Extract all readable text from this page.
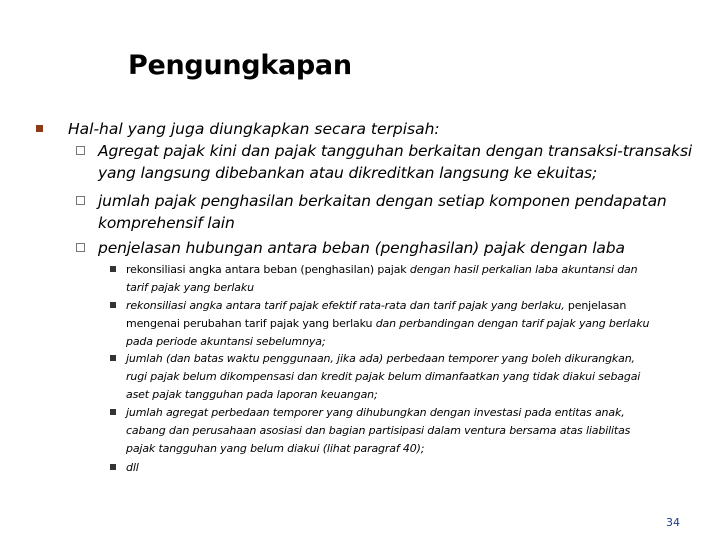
Pengungkapan
Hal-hal yang juga diungkapkan secara terpisah:
Agregat pajak kini dan pajak tangguhan berkaitan dengan transaksi-transaksi
yang langsung dibebankan atau dikreditkan langsung ke ekuitas;
jumlah pajak penghasilan berkaitan dengan setiap komponen pendapatan
komprehensif lain
penjelasan hubungan antara beban (penghasilan) pajak dengan laba
rekonsiliasi angka antara beban (penghasilan) pajak dengan hasil perkalian laba akuntansi dan
tarif pajak yang berlaku
rekonsiliasi angka antara tarif pajak efektif rata-rata dan tarif pajak yang berlaku, penjelasan
mengenai perubahan tarif pajak yang berlaku dan perbandingan dengan tarif pajak yang berlaku
pada periode akuntansi sebelumnya;
jumlah (dan batas waktu penggunaan, jika ada) perbedaan temporer yang boleh dikurangkan,
rugi pajak belum dikompensasi dan kredit pajak belum dimanfaatkan yang tidak diakui sebagai
aset pajak tangguhan pada laporan keuangan;
jumlah agregat perbedaan temporer yang dihubungkan dengan investasi pada entitas anak,
cabang dan perusahaan asosiasi dan bagian partisipasi dalam ventura bersama atas liabilitas
pajak tangguhan yang belum diakui (lihat paragraf 40);
dll
34
